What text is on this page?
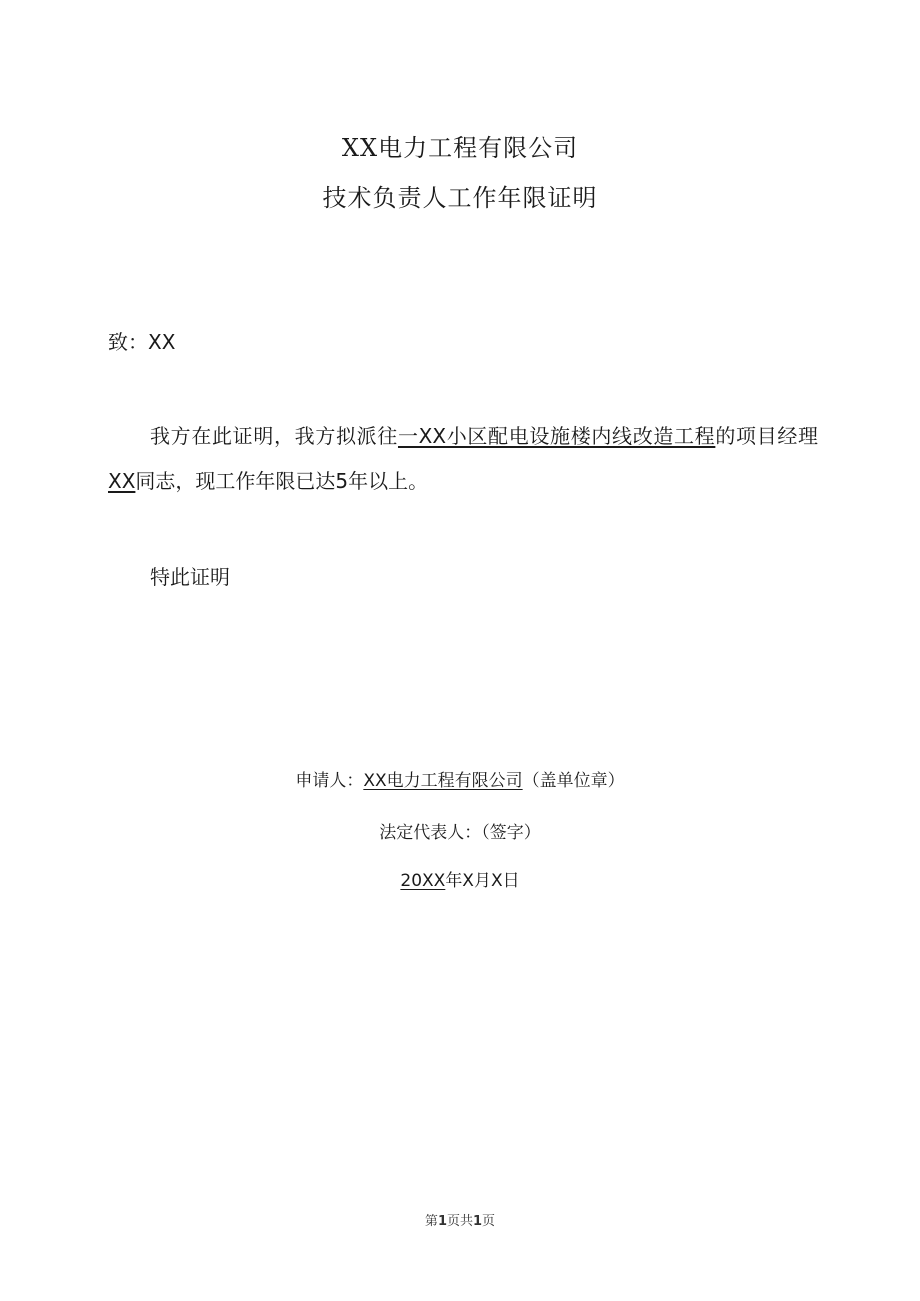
XX电力工程有限公司
技术负责人工作年限证明
致：XX
我方在此证明，我方拟派往一XX小区配电设施楼内线改造工程的项目经理XX同志，现工作年限已达5年以上。
特此证明
申请人：XX电力工程有限公司（盖单位章）
法定代表人：（签字）
20XX年X月X日
第1页共1页
